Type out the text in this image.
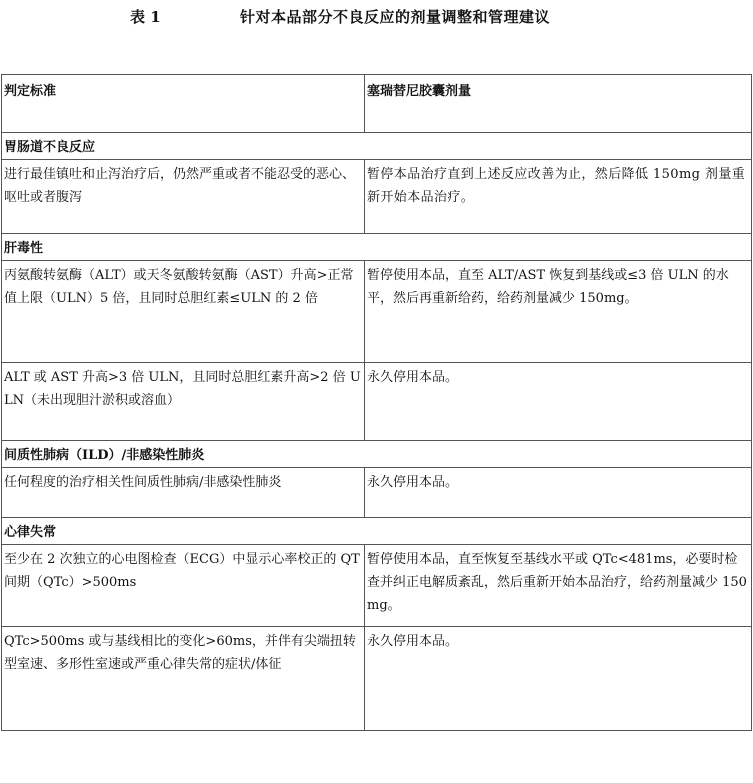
表 1	针对本品部分不良反应的剂量调整和管理建议
判定标准	塞瑞替尼胶囊剂量
胃肠道不良反应	
进行最佳镇吐和止泻治疗后，仍然严重或者不能忍受的恶心、呕吐或者腹泻	暂停本品治疗直到上述反应改善为止，然后降低 150mg 剂量重新开始本品治疗。
肝毒性	
丙氨酸转氨酶（ALT）或天冬氨酸转氨酶（AST）升高>正常值上限（ULN）5 倍，且同时总胆红素≤ULN 的 2 倍	暂停使用本品，直至 ALT/AST 恢复到基线或≤3 倍 ULN 的水平，然后再重新给药，给药剂量减少 150mg。
ALT 或 AST 升高>3 倍 ULN，且同时总胆红素升高>2 倍 ULN（未出现胆汁淤积或溶血）	永久停用本品。
间质性肺病（ILD）/非感染性肺炎	
任何程度的治疗相关性间质性肺病/非感染性肺炎	永久停用本品。
心律失常	
至少在 2 次独立的心电图检查（ECG）中显示心率校正的 QT 间期（QTc）>500ms	暂停使用本品，直至恢复至基线水平或 QTc<481ms，必要时检查并纠正电解质紊乱，然后重新开始本品治疗，给药剂量减少 150mg。
QTc>500ms 或与基线相比的变化>60ms，并伴有尖端扭转型室速、多形性室速或严重心律失常的症状/体征	永久停用本品。
